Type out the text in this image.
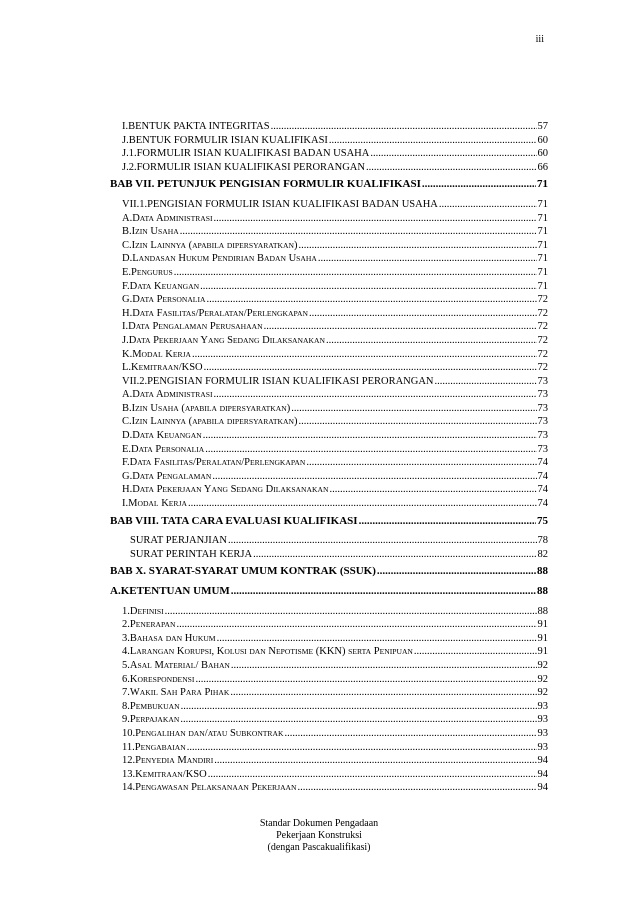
iii
I.BENTUK PAKTA INTEGRITAS .....	57
J.BENTUK FORMULIR ISIAN KUALIFIKASI .....	60
J.1.FORMULIR ISIAN KUALIFIKASI BADAN USAHA .....	60
J.2.FORMULIR ISIAN KUALIFIKASI PERORANGAN .....	66
BAB VII. PETUNJUK PENGISIAN FORMULIR KUALIFIKASI .....	71
VII.1.PENGISIAN FORMULIR ISIAN KUALIFIKASI BADAN USAHA .....	71
A.DATA ADMINISTRASI .....	71
B.IZIN USAHA .....	71
C.IZIN LAINNYA (APABILA DIPERSYARATKAN) .....	71
D.LANDASAN HUKUM PENDIRIAN BADAN USAHA .....	71
E.PENGURUS .....	71
F.DATA KEUANGAN .....	71
G.DATA PERSONALIA .....	72
H.DATA FASILITAS/PERALATAN/PERLENGKAPAN .....	72
I.DATA PENGALAMAN PERUSAHAAN .....	72
J.DATA PEKERJAAN YANG SEDANG DILAKSANAKAN .....	72
K.MODAL KERJA .....	72
L.KEMITRAAN/KSO .....	72
VII.2.PENGISIAN FORMULIR ISIAN KUALIFIKASI PERORANGAN .....	73
A.DATA ADMINISTRASI .....	73
B.IZIN USAHA (APABILA DIPERSYARATKAN) .....	73
C.IZIN LAINNYA (APABILA DIPERSYARATKAN) .....	73
D.DATA KEUANGAN .....	73
E.DATA PERSONALIA .....	73
F.DATA FASILITAS/PERALATAN/PERLENGKAPAN .....	74
G.DATA PENGALAMAN .....	74
H.DATA PEKERJAAN YANG SEDANG DILAKSANAKAN .....	74
I.MODAL KERJA .....	74
BAB VIII. TATA CARA EVALUASI KUALIFIKASI .....	75
SURAT PERJANJIAN .....	78
SURAT PERINTAH KERJA .....	82
BAB X. SYARAT-SYARAT UMUM KONTRAK (SSUK) .....	88
A.KETENTUAN UMUM .....	88
1.DEFINISI .....	88
2.PENERAPAN .....	91
3.BAHASA DAN HUKUM .....	91
4.LARANGAN KORUPSI, KOLUSI DAN NEPOTISME (KKN) SERTA PENIPUAN .....	91
5.ASAL MATERIAL/ BAHAN .....	92
6.KORESPONDENSI .....	92
7.WAKIL SAH PARA PIHAK .....	92
8.PEMBUKUAN .....	93
9.PERPAJAKAN .....	93
10.PENGALIHAN DAN/ATAU SUBKONTRAK .....	93
11.PENGABAIAN .....	93
12.PENYEDIA MANDIRI .....	94
13.KEMITRAAN/KSO .....	94
14.PENGAWASAN PELAKSANAAN PEKERJAAN .....	94
Standar Dokumen Pengadaan
Pekerjaan Konstruksi
(dengan Pascakualifikasi)
